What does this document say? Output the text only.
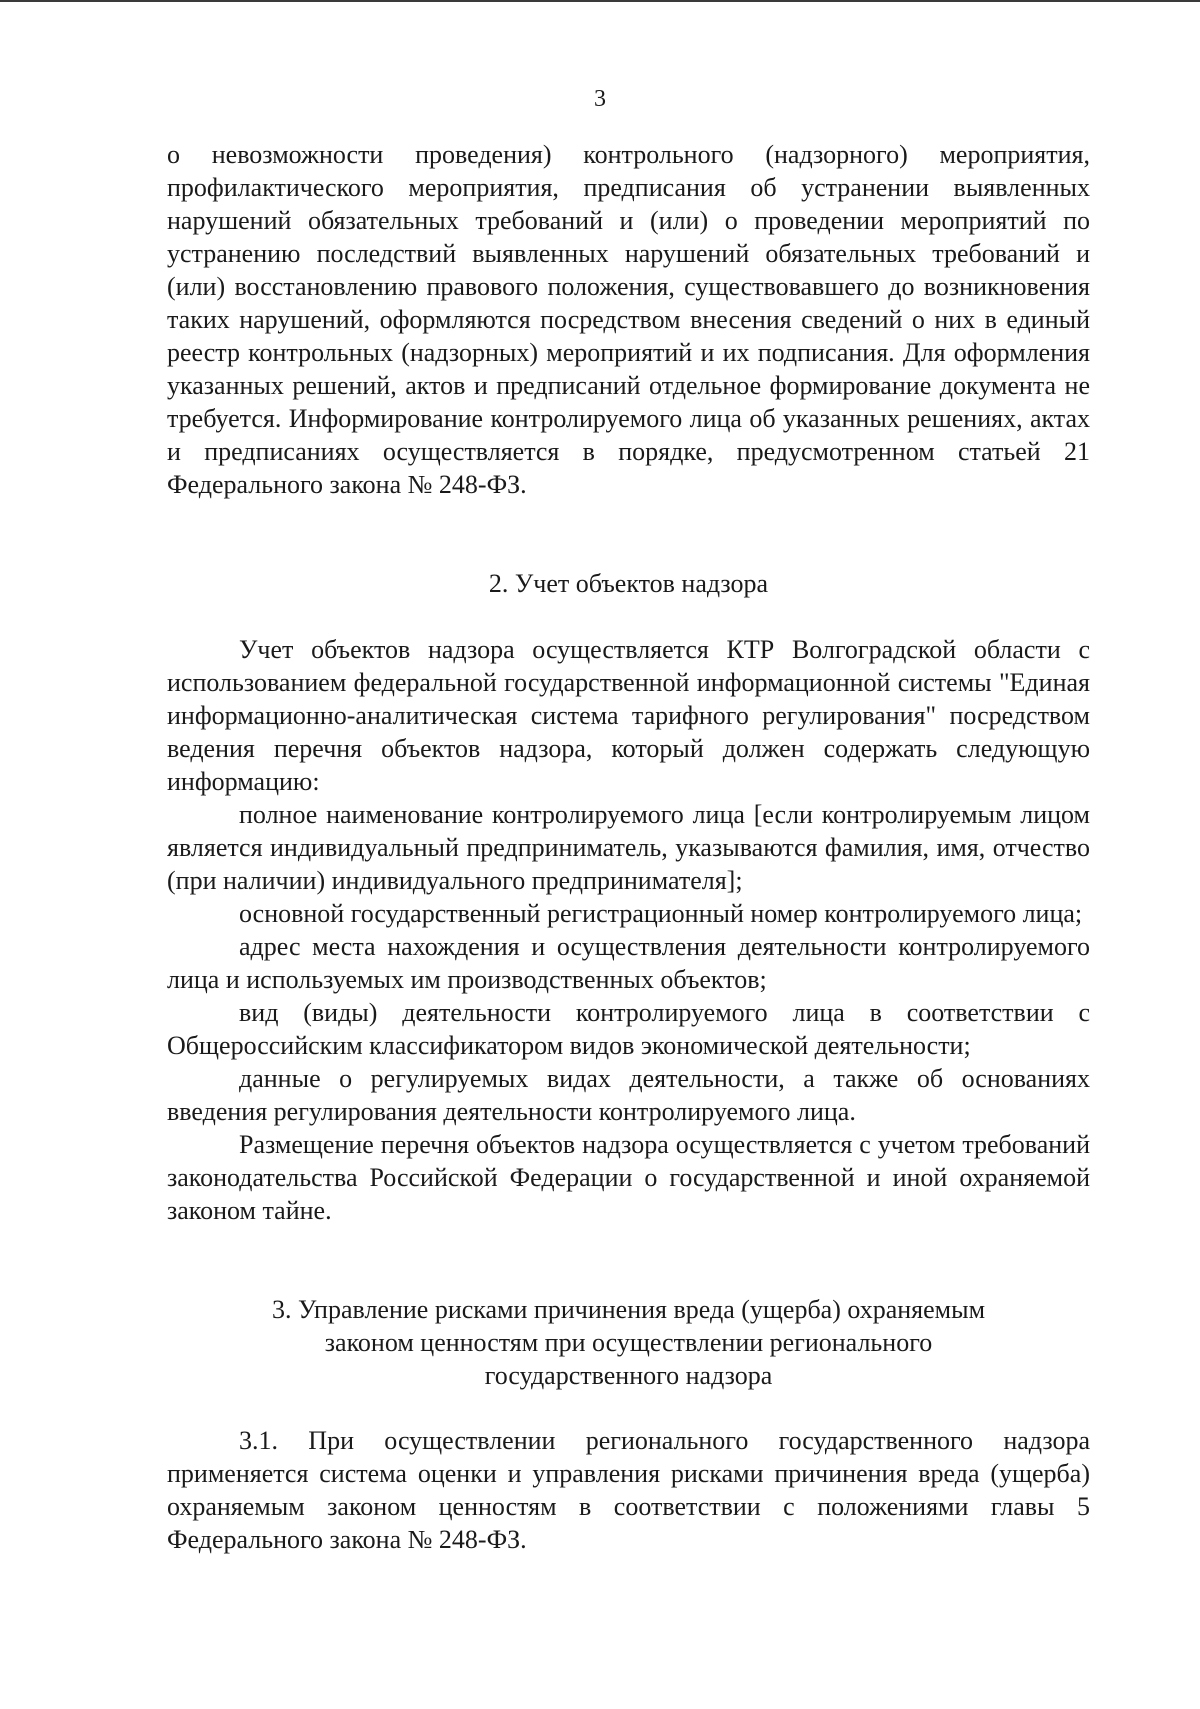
3

о невозможности проведения) контрольного (надзорного) мероприятия, профилактического мероприятия, предписания об устранении выявленных нарушений обязательных требований и (или) о проведении мероприятий по устранению последствий выявленных нарушений обязательных требований и (или) восстановлению правового положения, существовавшего до возникновения таких нарушений, оформляются посредством внесения сведений о них в единый реестр контрольных (надзорных) мероприятий и их подписания. Для оформления указанных решений, актов и предписаний отдельное формирование документа не требуется. Информирование контролируемого лица об указанных решениях, актах и предписаниях осуществляется в порядке, предусмотренном статьей 21 Федерального закона № 248-ФЗ.

2. Учет объектов надзора

Учет объектов надзора осуществляется КТР Волгоградской области с использованием федеральной государственной информационной системы "Единая информационно-аналитическая система тарифного регулирования" посредством ведения перечня объектов надзора, который должен содержать следующую информацию:

полное наименование контролируемого лица [если контролируемым лицом является индивидуальный предприниматель, указываются фамилия, имя, отчество (при наличии) индивидуального предпринимателя];

основной государственный регистрационный номер контролируемого лица;

адрес места нахождения и осуществления деятельности контролируемого лица и используемых им производственных объектов;

вид (виды) деятельности контролируемого лица в соответствии с Общероссийским классификатором видов экономической деятельности;

данные о регулируемых видах деятельности, а также об основаниях введения регулирования деятельности контролируемого лица.

Размещение перечня объектов надзора осуществляется с учетом требований законодательства Российской Федерации о государственной и иной охраняемой законом тайне.

3. Управление рисками причинения вреда (ущерба) охраняемым
законом ценностям при осуществлении регионального
государственного надзора

3.1. При осуществлении регионального государственного надзора применяется система оценки и управления рисками причинения вреда (ущерба) охраняемым законом ценностям в соответствии с положениями главы 5 Федерального закона № 248-ФЗ.
